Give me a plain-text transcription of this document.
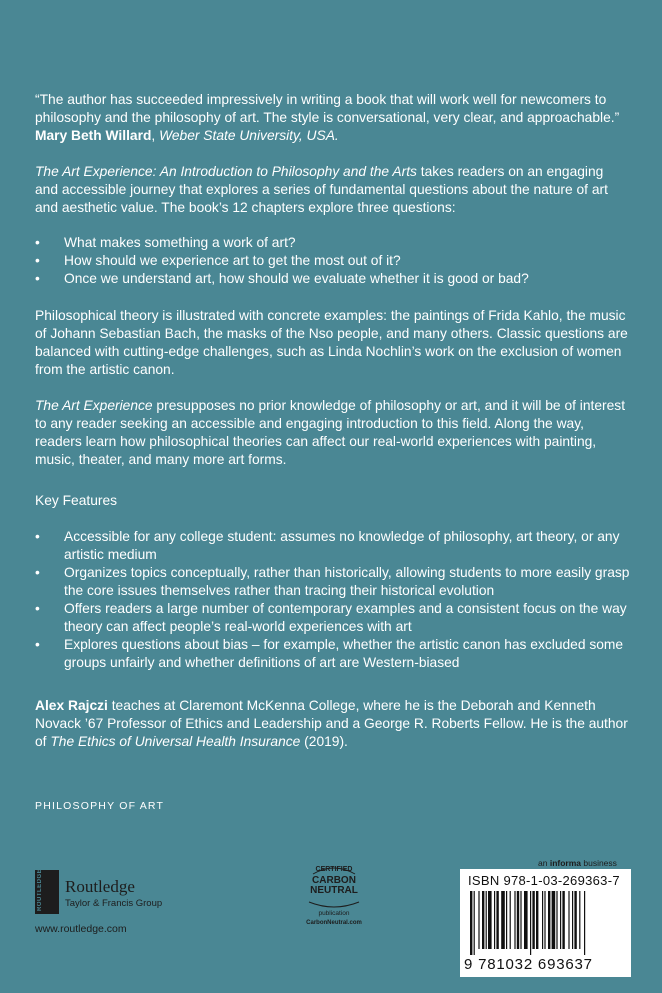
“The author has succeeded impressively in writing a book that will work well for newcomers to philosophy and the philosophy of art. The style is conversational, very clear, and approachable.”
Mary Beth Willard, Weber State University, USA.
The Art Experience: An Introduction to Philosophy and the Arts takes readers on an engaging and accessible journey that explores a series of fundamental questions about the nature of art and aesthetic value. The book’s 12 chapters explore three questions:
• What makes something a work of art?
• How should we experience art to get the most out of it?
• Once we understand art, how should we evaluate whether it is good or bad?
Philosophical theory is illustrated with concrete examples: the paintings of Frida Kahlo, the music of Johann Sebastian Bach, the masks of the Nso people, and many others. Classic questions are balanced with cutting-edge challenges, such as Linda Nochlin’s work on the exclusion of women from the artistic canon.
The Art Experience presupposes no prior knowledge of philosophy or art, and it will be of interest to any reader seeking an accessible and engaging introduction to this field. Along the way, readers learn how philosophical theories can affect our real-world experiences with painting, music, theater, and many more art forms.
Key Features
• Accessible for any college student: assumes no knowledge of philosophy, art theory, or any artistic medium
• Organizes topics conceptually, rather than historically, allowing students to more easily grasp the core issues themselves rather than tracing their historical evolution
• Offers readers a large number of contemporary examples and a consistent focus on the way theory can affect people’s real-world experiences with art
• Explores questions about bias – for example, whether the artistic canon has excluded some groups unfairly and whether definitions of art are Western-biased
Alex Rajczi teaches at Claremont McKenna College, where he is the Deborah and Kenneth Novack ’67 Professor of Ethics and Leadership and a George R. Roberts Fellow. He is the author of The Ethics of Universal Health Insurance (2019).
PHILOSOPHY OF ART
ROUTLEDGE	Routledge
Taylor & Francis Group
www.routledge.com
CERTIFIED
CARBON NEUTRAL
publication
CarbonNeutral.com
an informa business
ISBN 978-1-03-269363-7
9 781032 693637
